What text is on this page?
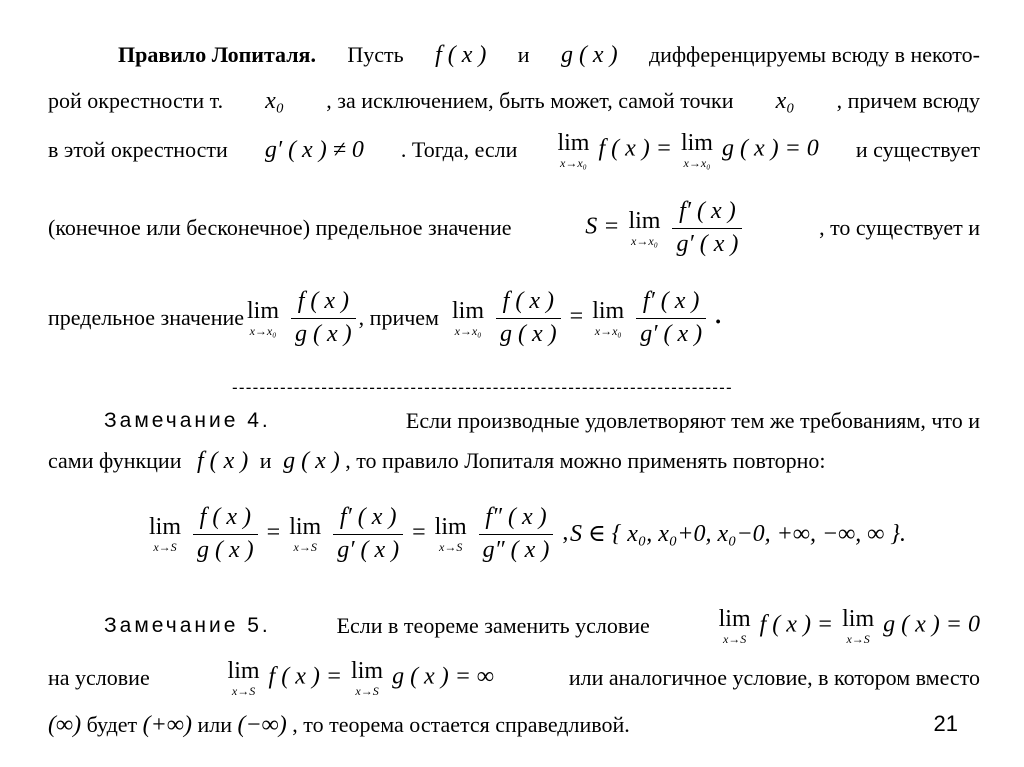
Правило Лопиталя. Пусть f ( x ) и g ( x ) дифференцируемы всюду в некото-
рой окрестности т. x₀ , за исключением, быть может, самой точки x₀ , причем всюду
в этой окрестности g′ ( x ) ≠ 0 . Тогда, если lim
x→x₀
f ( x ) = lim
x→x₀
g ( x ) = 0 и существует
(конечное или бесконечное) предельное значение	S = lim
x→x₀
$\frac{f' ( x )}{g' ( x )}$	, то существует и
предельное значение lim
x→x₀
$\frac{f ( x )}{g ( x )}$ , причем lim
x→x₀
$\frac{f ( x )}{g ( x )} = \lim$
x→x₀
$\frac{f' ( x )}{g' ( x )}$ .
-------------------------------------------------------------------------
Замечание 4.	Если производные удовлетворяют тем же требованиям, что и
сами функции f ( x ) и g ( x ) , то правило Лопиталя можно применять повторно:
lim
x→S
$\frac{f ( x )}{g ( x )} = \lim$
x→S
$\frac{f' ( x )}{g' ( x )} = \lim$
x→S
$\frac{f'' ( x )}{g'' ( x )}$ , S ∈ { x₀, x₀+0, x₀−0, +∞, −∞, ∞ }.
Замечание 5.	Если в теореме заменить условие	lim
x→S
f ( x ) = lim
x→S
g ( x ) = 0
на условие	lim
x→S
f ( x ) = lim
x→S
g ( x ) = ∞	или аналогичное условие, в котором вместо
(∞) будет (+∞) или (−∞) , то теорема остается справедливой.	21
